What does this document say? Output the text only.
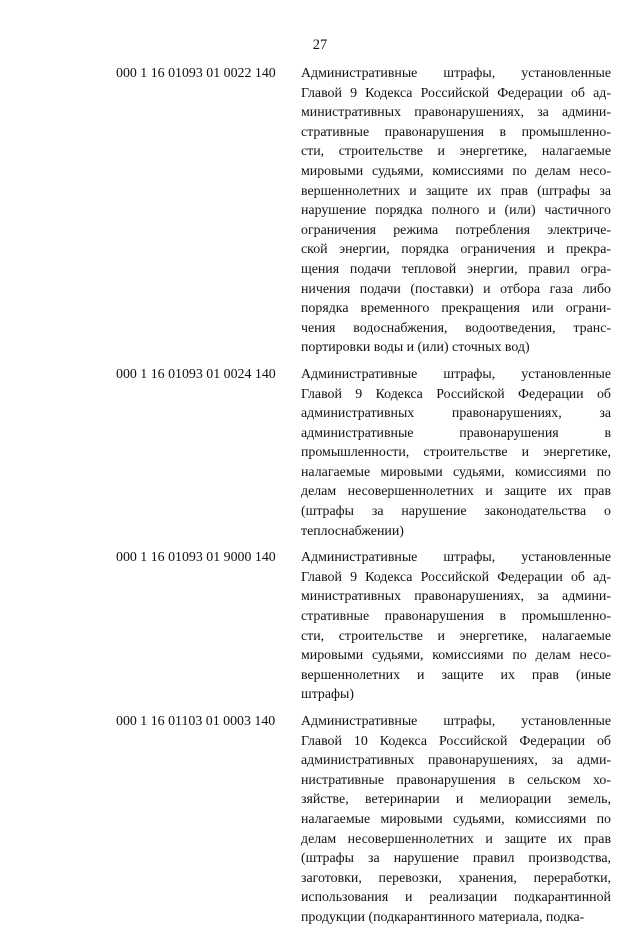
27
000 1 16 01093 01 0022 140	Административные штрафы, установленные
Главой 9 Кодекса Российской Федерации об ад-
министративных правонарушениях, за админи-
стративные правонарушения в промышленно-
сти, строительстве и энергетике, налагаемые
мировыми судьями, комиссиями по делам несо-
вершеннолетних и защите их прав (штрафы за
нарушение порядка полного и (или) частичного
ограничения режима потребления электриче-
ской энергии, порядка ограничения и прекра-
щения подачи тепловой энергии, правил огра-
ничения подачи (поставки) и отбора газа либо
порядка временного прекращения или ограни-
чения водоснабжения, водоотведения, транс-
портировки воды и (или) сточных вод)
000 1 16 01093 01 0024 140	Административные штрафы, установленные
Главой 9 Кодекса Российской Федерации об
административных правонарушениях, за
административные правонарушения в
промышленности, строительстве и энергетике,
налагаемые мировыми судьями, комиссиями по
делам несовершеннолетних и защите их прав
(штрафы за нарушение законодательства о
теплоснабжении)
000 1 16 01093 01 9000 140	Административные штрафы, установленные
Главой 9 Кодекса Российской Федерации об ад-
министративных правонарушениях, за админи-
стративные правонарушения в промышленно-
сти, строительстве и энергетике, налагаемые
мировыми судьями, комиссиями по делам несо-
вершеннолетних и защите их прав (иные
штрафы)
000 1 16 01103 01 0003 140	Административные штрафы, установленные
Главой 10 Кодекса Российской Федерации об
административных правонарушениях, за адми-
нистративные правонарушения в сельском хо-
зяйстве, ветеринарии и мелиорации земель,
налагаемые мировыми судьями, комиссиями по
делам несовершеннолетних и защите их прав
(штрафы за нарушение правил производства,
заготовки, перевозки, хранения, переработки,
использования и реализации подкарантинной
продукции (подкарантинного материала, подка-
